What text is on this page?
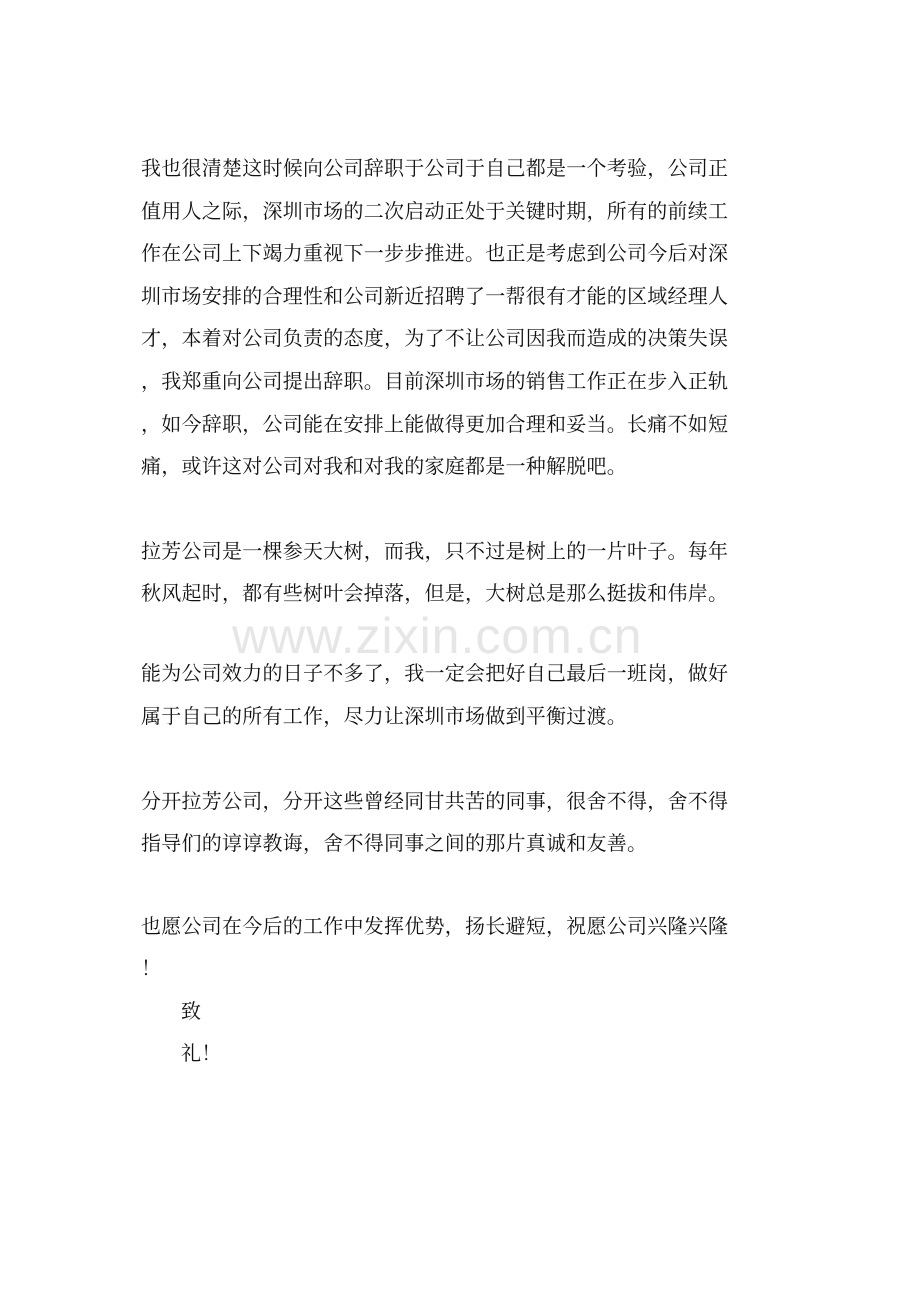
www.zixin.com.cn
我也很清楚这时候向公司辞职于公司于自己都是一个考验，公司正
值用人之际，深圳市场的二次启动正处于关键时期，所有的前续工
作在公司上下竭力重视下一步步推进。也正是考虑到公司今后对深
圳市场安排的合理性和公司新近招聘了一帮很有才能的区域经理人
才，本着对公司负责的态度，为了不让公司因我而造成的决策失误
，我郑重向公司提出辞职。目前深圳市场的销售工作正在步入正轨
，如今辞职，公司能在安排上能做得更加合理和妥当。长痛不如短
痛，或许这对公司对我和对我的家庭都是一种解脱吧。
拉芳公司是一棵参天大树，而我，只不过是树上的一片叶子。每年
秋风起时，都有些树叶会掉落，但是，大树总是那么挺拔和伟岸。
能为公司效力的日子不多了，我一定会把好自己最后一班岗，做好
属于自己的所有工作，尽力让深圳市场做到平衡过渡。
分开拉芳公司，分开这些曾经同甘共苦的同事，很舍不得，舍不得
指导们的谆谆教诲，舍不得同事之间的那片真诚和友善。
也愿公司在今后的工作中发挥优势，扬长避短，祝愿公司兴隆兴隆
！
致
礼！
